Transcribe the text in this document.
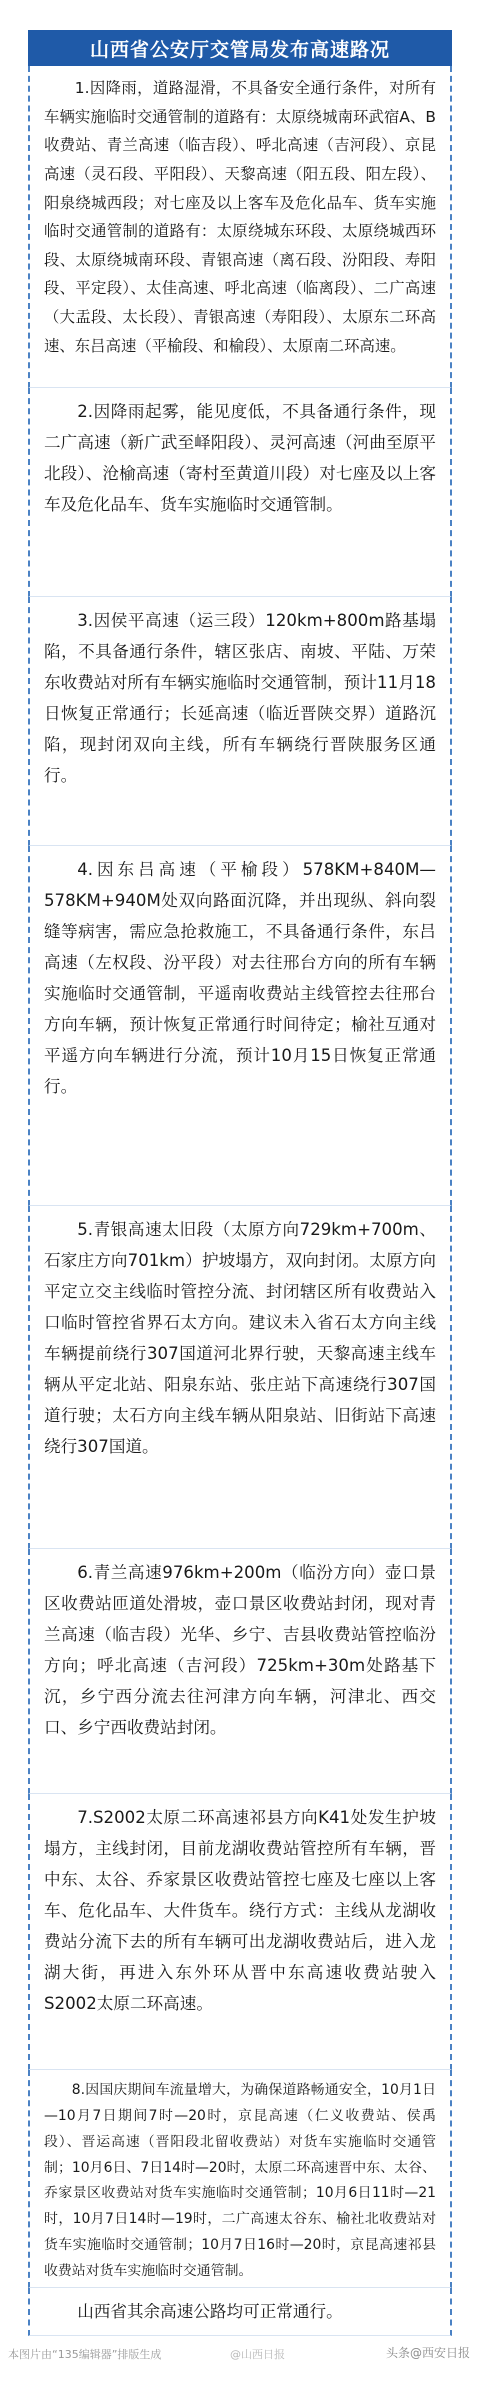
山西省公安厅交管局发布高速路况

1.因降雨，道路湿滑，不具备安全通行条件，对所有车辆实施临时交通管制的道路有：太原绕城南环武宿A、B收费站、青兰高速（临吉段）、呼北高速（吉河段）、京昆高速（灵石段、平阳段）、天黎高速（阳五段、阳左段）、阳泉绕城西段；对七座及以上客车及危化品车、货车实施临时交通管制的道路有：太原绕城东环段、太原绕城西环段、太原绕城南环段、青银高速（离石段、汾阳段、寿阳段、平定段）、太佳高速、呼北高速（临离段）、二广高速（大盂段、太长段）、青银高速（寿阳段）、太原东二环高速、东吕高速（平榆段、和榆段）、太原南二环高速。

2.因降雨起雾，能见度低，不具备通行条件，现二广高速（新广武至峄阳段）、灵河高速（河曲至原平北段）、沧榆高速（寄村至黄道川段）对七座及以上客车及危化品车、货车实施临时交通管制。

3.因侯平高速（运三段）120km+800m路基塌陷，不具备通行条件，辖区张店、南坡、平陆、万荣东收费站对所有车辆实施临时交通管制，预计11月18日恢复正常通行；长延高速（临近晋陕交界）道路沉陷，现封闭双向主线，所有车辆绕行晋陕服务区通行。

4.因东吕高速（平榆段）578KM+840M—578KM+940M处双向路面沉降，并出现纵、斜向裂缝等病害，需应急抢救施工，不具备通行条件，东吕高速（左权段、汾平段）对去往邢台方向的所有车辆实施临时交通管制，平遥南收费站主线管控去往邢台方向车辆，预计恢复正常通行时间待定；榆社互通对平遥方向车辆进行分流，预计10月15日恢复正常通行。

5.青银高速太旧段（太原方向729km+700m、石家庄方向701km）护坡塌方，双向封闭。太原方向平定立交主线临时管控分流、封闭辖区所有收费站入口临时管控省界石太方向。建议未入省石太方向主线车辆提前绕行307国道河北界行驶，天黎高速主线车辆从平定北站、阳泉东站、张庄站下高速绕行307国道行驶；太石方向主线车辆从阳泉站、旧街站下高速绕行307国道。

6.青兰高速976km+200m（临汾方向）壶口景区收费站匝道处滑坡，壶口景区收费站封闭，现对青兰高速（临吉段）光华、乡宁、吉县收费站管控临汾方向；呼北高速（吉河段）725km+30m处路基下沉，乡宁西分流去往河津方向车辆，河津北、西交口、乡宁西收费站封闭。

7.S2002太原二环高速祁县方向K41处发生护坡塌方，主线封闭，目前龙湖收费站管控所有车辆，晋中东、太谷、乔家景区收费站管控七座及七座以上客车、危化品车、大件货车。绕行方式：主线从龙湖收费站分流下去的所有车辆可出龙湖收费站后，进入龙湖大街，再进入东外环从晋中东高速收费站驶入S2002太原二环高速。

8.因国庆期间车流量增大，为确保道路畅通安全，10月1日—10月7日期间7时—20时，京昆高速（仁义收费站、侯禹段）、晋运高速（晋阳段北留收费站）对货车实施临时交通管制；10月6日、7日14时—20时，太原二环高速晋中东、太谷、乔家景区收费站对货车实施临时交通管制；10月6日11时—21时，10月7日14时—19时，二广高速太谷东、榆社北收费站对货车实施临时交通管制；10月7日16时—20时，京昆高速祁县收费站对货车实施临时交通管制。

山西省其余高速公路均可正常通行。

本图片由“135编辑器”排版生成	@山西日报	头条@西安日报
